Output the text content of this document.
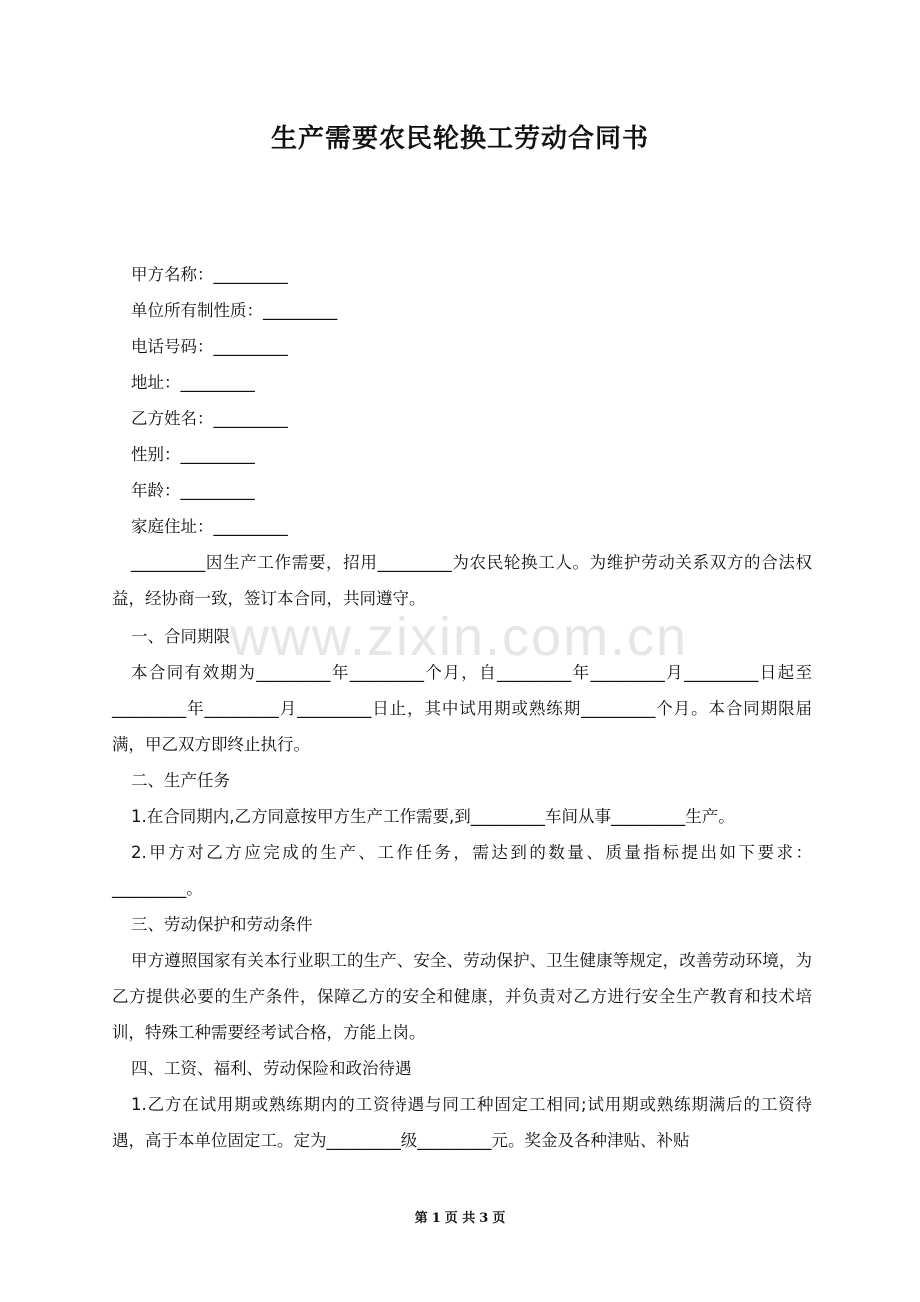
www.zixin.com.cn
生产需要农民轮换工劳动合同书
甲方名称：_________
单位所有制性质：_________
电话号码：_________
地址：_________
乙方姓名：_________
性别：_________
年龄：_________
家庭住址：_________

_________因生产工作需要，招用_________为农民轮换工人。为维护劳动关系双方的合法权益，经协商一致，签订本合同，共同遵守。

一、合同期限

本合同有效期为_________年_________个月，自_________年_________月_________日起至_________年_________月_________日止，其中试用期或熟练期_________个月。本合同期限届满，甲乙双方即终止执行。

二、生产任务

1.在合同期内,乙方同意按甲方生产工作需要,到_________车间从事_________生产。

2.甲方对乙方应完成的生产、工作任务，需达到的数量、质量指标提出如下要求：_________。

三、劳动保护和劳动条件

甲方遵照国家有关本行业职工的生产、安全、劳动保护、卫生健康等规定，改善劳动环境，为乙方提供必要的生产条件，保障乙方的安全和健康，并负责对乙方进行安全生产教育和技术培训，特殊工种需要经考试合格，方能上岗。

四、工资、福利、劳动保险和政治待遇

1.乙方在试用期或熟练期内的工资待遇与同工种固定工相同;试用期或熟练期满后的工资待遇，高于本单位固定工。定为_________级_________元。奖金及各种津贴、补贴

第 1 页 共 3 页
